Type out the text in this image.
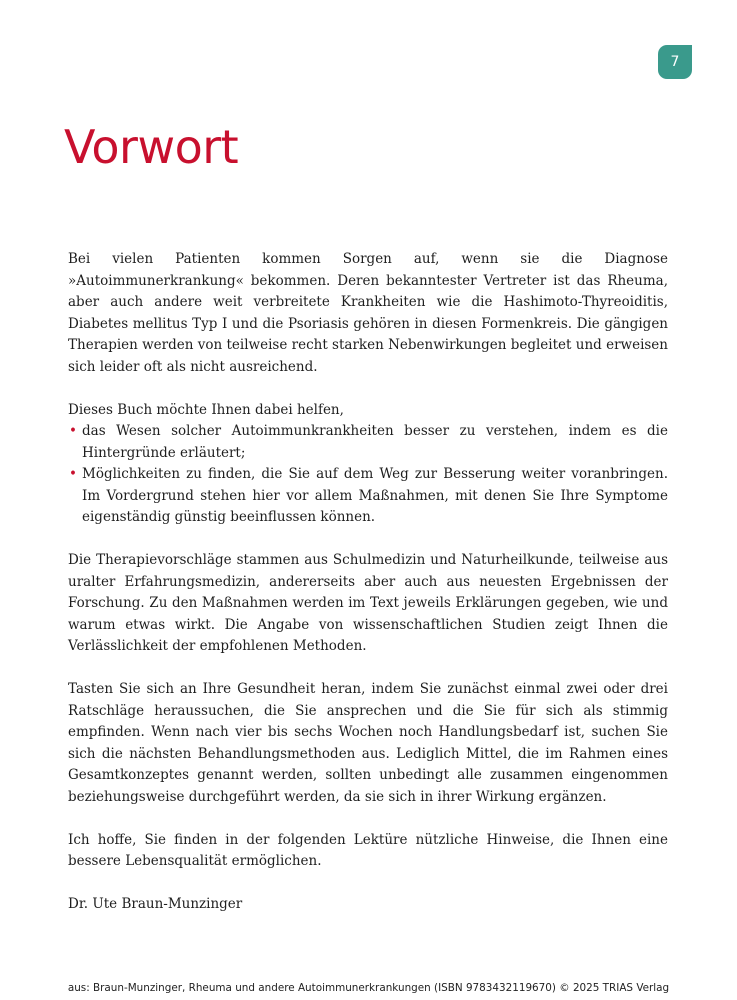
7
Vorwort

Bei vielen Patienten kommen Sorgen auf, wenn sie die Diagnose »Autoimmunerkrankung« bekommen. Deren bekanntester Vertreter ist das Rheuma, aber auch andere weit verbreitete Krankheiten wie die Hashimoto-Thyreoiditis, Diabetes mellitus Typ I und die Psoriasis gehören in diesen Formenkreis. Die gängigen Therapien werden von teilweise recht starken Nebenwirkungen begleitet und erweisen sich leider oft als nicht ausreichend.

Dieses Buch möchte Ihnen dabei helfen,

• das Wesen solcher Autoimmunkrankheiten besser zu verstehen, indem es die Hintergründe erläutert;
• Möglichkeiten zu finden, die Sie auf dem Weg zur Besserung weiter voranbringen. Im Vordergrund stehen hier vor allem Maßnahmen, mit denen Sie Ihre Symptome eigenständig günstig beeinflussen können.

Die Therapievorschläge stammen aus Schulmedizin und Naturheilkunde, teilweise aus uralter Erfahrungsmedizin, andererseits aber auch aus neuesten Ergebnissen der Forschung. Zu den Maßnahmen werden im Text jeweils Erklärungen gegeben, wie und warum etwas wirkt. Die Angabe von wissenschaftlichen Studien zeigt Ihnen die Verlässlichkeit der empfohlenen Methoden.

Tasten Sie sich an Ihre Gesundheit heran, indem Sie zunächst einmal zwei oder drei Ratschläge heraussuchen, die Sie ansprechen und die Sie für sich als stimmig empfinden. Wenn nach vier bis sechs Wochen noch Handlungsbedarf ist, suchen Sie sich die nächsten Behandlungsmethoden aus. Lediglich Mittel, die im Rahmen eines Gesamtkonzeptes genannt werden, sollten unbedingt alle zusammen eingenommen beziehungsweise durchgeführt werden, da sie sich in ihrer Wirkung ergänzen.

Ich hoffe, Sie finden in der folgenden Lektüre nützliche Hinweise, die Ihnen eine bessere Lebensqualität ermöglichen.

Dr. Ute Braun-Munzinger

aus: Braun-Munzinger, Rheuma und andere Autoimmunerkrankungen (ISBN 9783432119670) © 2025 TRIAS Verlag
